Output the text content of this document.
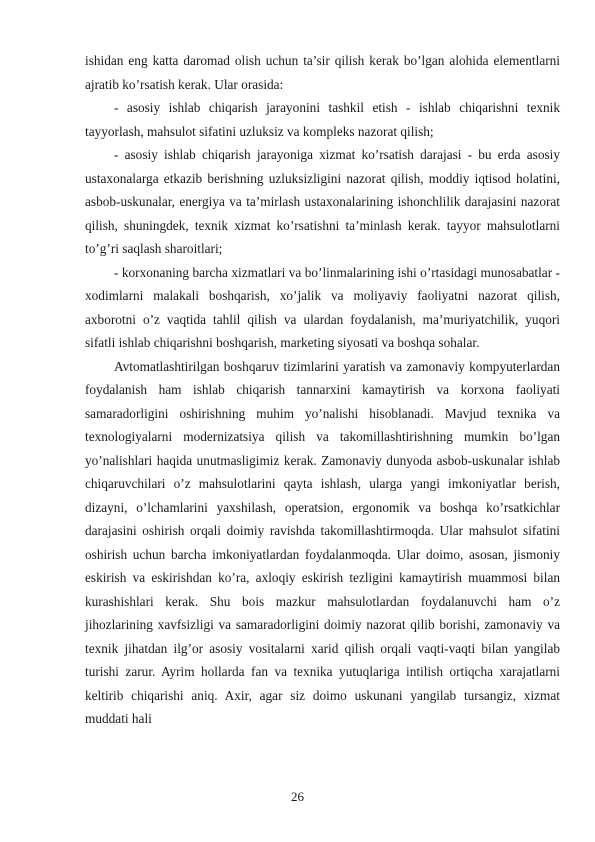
ishidan eng katta daromad olish uchun ta’sir qilish kerak bo’lgan alohida elementlarni ajratib ko’rsatish kerak. Ular orasida:

- asosiy ishlab chiqarish jarayonini tashkil etish - ishlab chiqarishni texnik tayyorlash, mahsulot sifatini uzluksiz va kompleks nazorat qilish;

- asosiy ishlab chiqarish jarayoniga xizmat ko’rsatish darajasi - bu erda asosiy ustaxonalarga etkazib berishning uzluksizligini nazorat qilish, moddiy iqtisod holatini, asbob-uskunalar, energiya va ta’mirlash ustaxonalarining ishonchlilik darajasini nazorat qilish, shuningdek, texnik xizmat ko’rsatishni ta’minlash kerak. tayyor mahsulotlarni to’g’ri saqlash sharoitlari;

- korxonaning barcha xizmatlari va bo’linmalarining ishi o’rtasidagi munosabatlar - xodimlarni malakali boshqarish, xo’jalik va moliyaviy faoliyatni nazorat qilish, axborotni o’z vaqtida tahlil qilish va ulardan foydalanish, ma’muriyatchilik, yuqori sifatli ishlab chiqarishni boshqarish, marketing siyosati va boshqa sohalar.

Avtomatlashtirilgan boshqaruv tizimlarini yaratish va zamonaviy kompyuterlardan foydalanish ham ishlab chiqarish tannarxini kamaytirish va korxona faoliyati samaradorligini oshirishning muhim yo’nalishi hisoblanadi. Mavjud texnika va texnologiyalarni modernizatsiya qilish va takomillashtirishning mumkin bo’lgan yo’nalishlari haqida unutmasligimiz kerak. Zamonaviy dunyoda asbob-uskunalar ishlab chiqaruvchilari o’z mahsulotlarini qayta ishlash, ularga yangi imkoniyatlar berish, dizayni, o’lchamlarini yaxshilash, operatsion, ergonomik va boshqa ko’rsatkichlar darajasini oshirish orqali doimiy ravishda takomillashtirmoqda. Ular mahsulot sifatini oshirish uchun barcha imkoniyatlardan foydalanmoqda. Ular doimo, asosan, jismoniy eskirish va eskirishdan ko’ra, axloqiy eskirish tezligini kamaytirish muammosi bilan kurashishlari kerak. Shu bois mazkur mahsulotlardan foydalanuvchi ham o’z jihozlarining xavfsizligi va samaradorligini doimiy nazorat qilib borishi, zamonaviy va texnik jihatdan ilg’or asosiy vositalarni xarid qilish orqali vaqti-vaqti bilan yangilab turishi zarur. Ayrim hollarda fan va texnika yutuqlariga intilish ortiqcha xarajatlarni keltirib chiqarishi aniq. Axir, agar siz doimo uskunani yangilab tursangiz, xizmat muddati hali

26
